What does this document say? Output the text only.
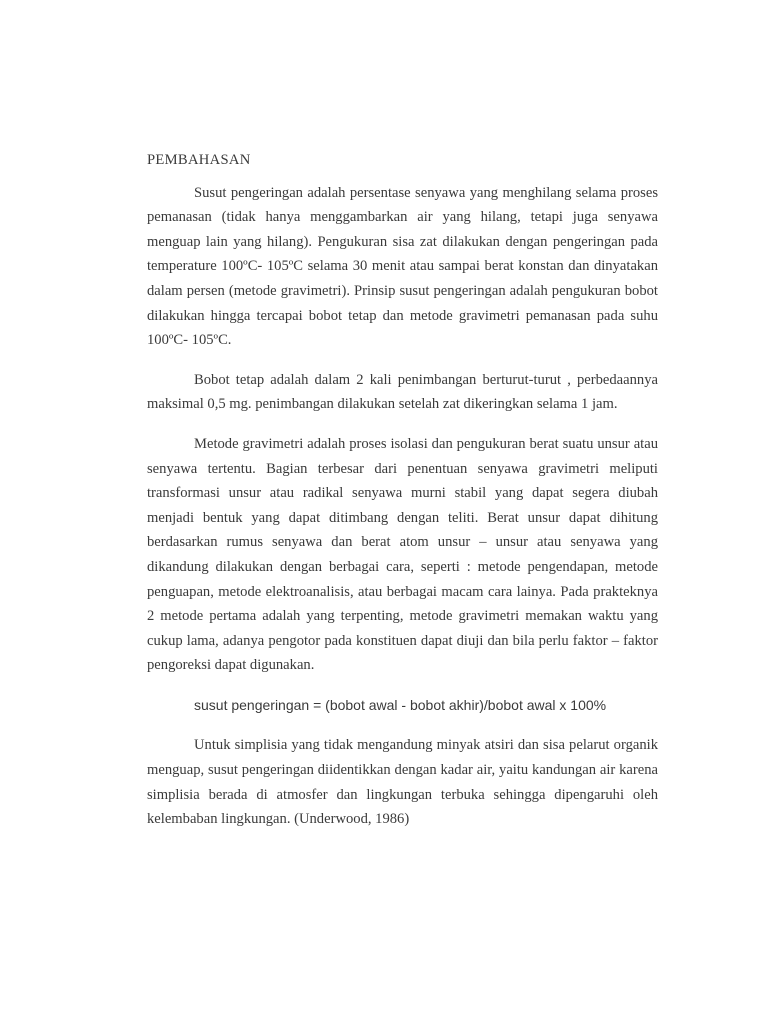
PEMBAHASAN

Susut pengeringan adalah persentase senyawa yang menghilang selama proses pemanasan (tidak hanya menggambarkan air yang hilang, tetapi juga senyawa menguap lain yang hilang). Pengukuran sisa zat dilakukan dengan pengeringan pada temperature 100ºC- 105ºC selama 30 menit atau sampai berat konstan dan dinyatakan dalam persen (metode gravimetri). Prinsip susut pengeringan adalah pengukuran bobot dilakukan hingga tercapai bobot tetap dan metode gravimetri pemanasan pada suhu 100ºC- 105ºC.

Bobot tetap adalah dalam 2 kali penimbangan berturut-turut , perbedaannya maksimal 0,5 mg. penimbangan dilakukan setelah zat dikeringkan selama 1 jam.

Metode gravimetri adalah proses isolasi dan pengukuran berat suatu unsur atau senyawa tertentu. Bagian terbesar dari penentuan senyawa gravimetri meliputi transformasi unsur atau radikal senyawa murni stabil yang dapat segera diubah menjadi bentuk yang dapat ditimbang dengan teliti. Berat unsur dapat dihitung berdasarkan rumus senyawa dan berat atom unsur – unsur atau senyawa yang dikandung dilakukan dengan berbagai cara, seperti : metode pengendapan, metode penguapan, metode elektroanalisis, atau berbagai macam cara lainya. Pada prakteknya 2 metode pertama adalah yang terpenting, metode gravimetri memakan waktu yang cukup lama, adanya pengotor pada konstituen dapat diuji dan bila perlu faktor – faktor pengoreksi dapat digunakan.

susut pengeringan = (bobot awal - bobot akhir)/bobot awal x 100%

Untuk simplisia yang tidak mengandung minyak atsiri dan sisa pelarut organik menguap, susut pengeringan diidentikkan dengan kadar air, yaitu kandungan air karena simplisia berada di atmosfer dan lingkungan terbuka sehingga dipengaruhi oleh kelembaban lingkungan. (Underwood, 1986)
